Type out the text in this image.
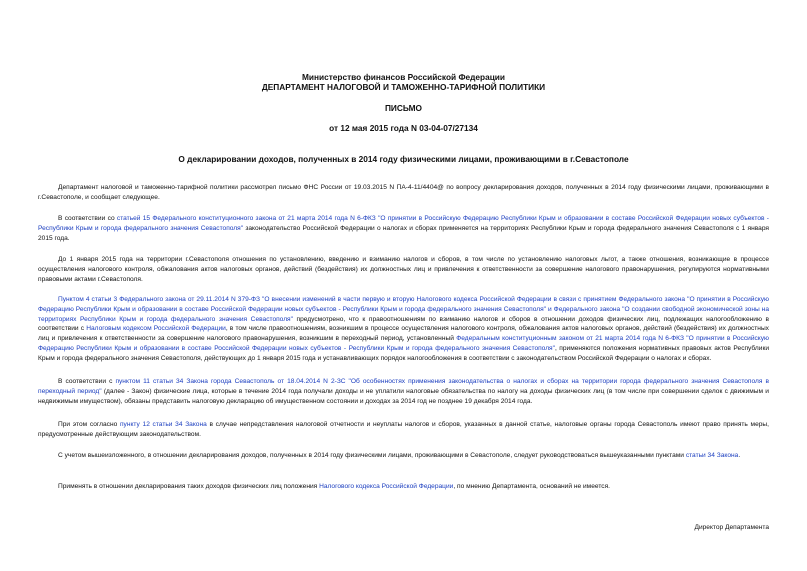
Министерство финансов Российской Федерации
ДЕПАРТАМЕНТ НАЛОГОВОЙ И ТАМОЖЕННО-ТАРИФНОЙ ПОЛИТИКИ
ПИСЬМО
от 12 мая 2015 года N 03-04-07/27134
О декларировании доходов, полученных в 2014 году физическими лицами, проживающими в г.Севастополе

Департамент налоговой и таможенно-тарифной политики рассмотрел письмо ФНС России от 19.03.2015 N ПА-4-11/4404@ по вопросу декларирования доходов, полученных в 2014 году физическими лицами, проживающими в г.Севастополе, и сообщает следующее.

В соответствии со статьей 15 Федерального конституционного закона от 21 марта 2014 года N 6-ФКЗ "О принятии в Российскую Федерацию Республики Крым и образовании в составе Российской Федерации новых субъектов - Республики Крым и города федерального значения Севастополя" законодательство Российской Федерации о налогах и сборах применяется на территориях Республики Крым и города федерального значения Севастополя с 1 января 2015 года.

До 1 января 2015 года на территории г.Севастополя отношения по установлению, введению и взиманию налогов и сборов, в том числе по установлению налоговых льгот, а также отношения, возникающие в процессе осуществления налогового контроля, обжалования актов налоговых органов, действий (бездействия) их должностных лиц и привлечения к ответственности за совершение налогового правонарушения, регулируются нормативными правовыми актами г.Севастополя.

Пунктом 4 статьи 3 Федерального закона от 29.11.2014 N 379-ФЗ "О внесении изменений в части первую и вторую Налогового кодекса Российской Федерации в связи с принятием Федерального закона "О принятии в Российскую Федерацию Республики Крым и образовании в составе Российской Федерации новых субъектов - Республики Крым и города федерального значения Севастополя" и Федерального закона "О создании свободной экономической зоны на территориях Республики Крым и города федерального значения Севастополя" предусмотрено, что к правоотношениям по взиманию налогов и сборов в отношении доходов физических лиц, подлежащих налогообложению в соответствии с Налоговым кодексом Российской Федерации, в том числе правоотношениям, возникшим в процессе осуществления налогового контроля, обжалования актов налоговых органов, действий (бездействия) их должностных лиц и привлечения к ответственности за совершение налогового правонарушения, возникшим в переходный период, установленный Федеральным конституционным законом от 21 марта 2014 года N 6-ФКЗ "О принятии в Российскую Федерацию Республики Крым и образовании в составе Российской Федерации новых субъектов - Республики Крым и города федерального значения Севастополя", применяются положения нормативных правовых актов Республики Крым и города федерального значения Севастополя, действующих до 1 января 2015 года и устанавливающих порядок налогообложения в соответствии с законодательством Российской Федерации о налогах и сборах.

В соответствии с пунктом 11 статьи 34 Закона города Севастополь от 18.04.2014 N 2-ЗС "Об особенностях применения законодательства о налогах и сборах на территории города федерального значения Севастополя в переходный период" (далее - Закон) физические лица, которые в течение 2014 года получали доходы и не уплатили налоговые обязательства по налогу на доходы физических лиц (в том числе при совершении сделок с движимым и недвижимым имуществом), обязаны представить налоговую декларацию об имущественном состоянии и доходах за 2014 год не позднее 19 декабря 2014 года.

При этом согласно пункту 12 статьи 34 Закона в случае непредставления налоговой отчетности и неуплаты налогов и сборов, указанных в данной статье, налоговые органы города Севастополь имеют право принять меры, предусмотренные действующим законодательством.

С учетом вышеизложенного, в отношении декларирования доходов, полученных в 2014 году физическими лицами, проживающими в Севастополе, следует руководствоваться вышеуказанными пунктами статьи 34 Закона.

Применять в отношении декларирования таких доходов физических лиц положения Налогового кодекса Российской Федерации, по мнению Департамента, оснований не имеется.

Директор Департамента
